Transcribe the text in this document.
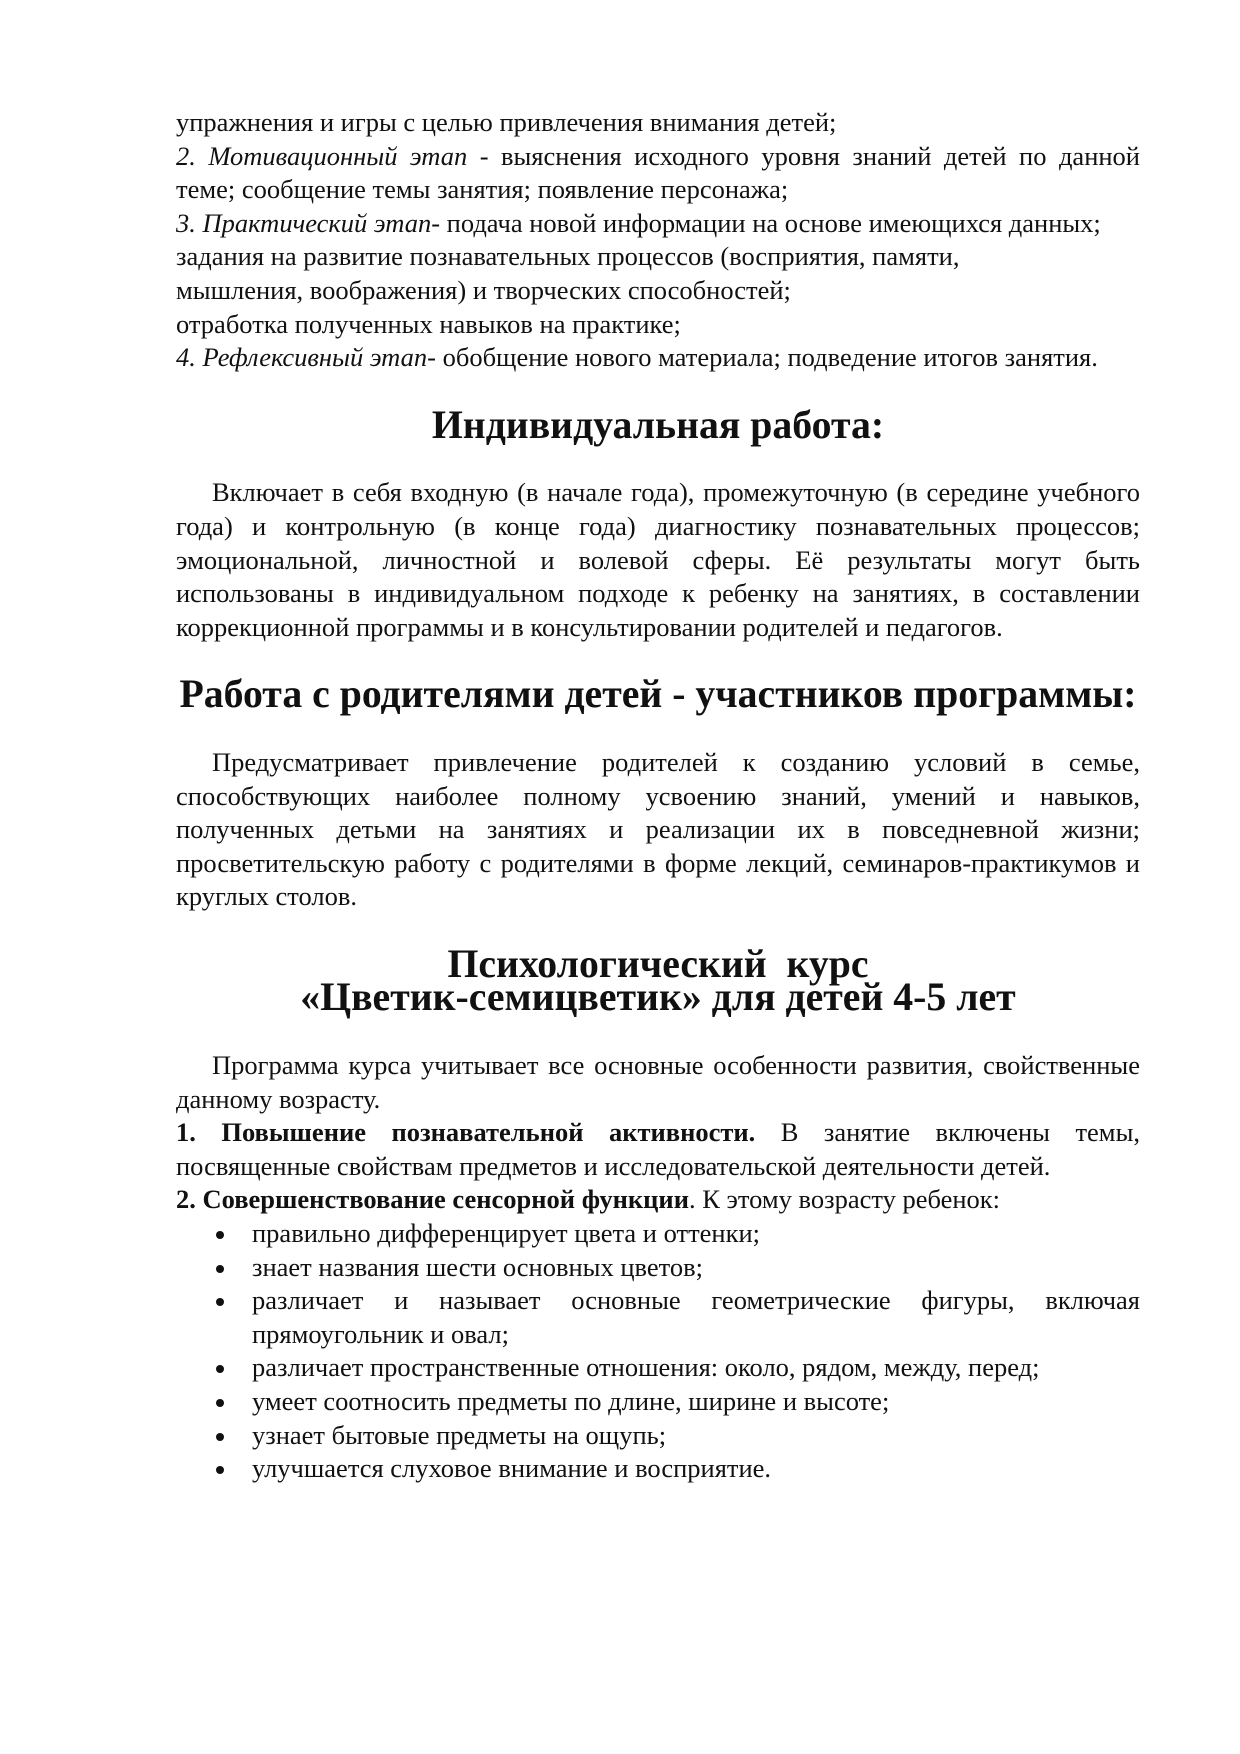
упражнения и игры с целью привлечения внимания детей;

2. Мотивационный этап - выяснения исходного уровня знаний детей по данной теме; сообщение темы занятия; появление персонажа;

3. Практический этап- подача новой информации на основе имеющихся данных;

задания на развитие познавательных процессов (восприятия, памяти,

мышления, воображения) и творческих способностей;

отработка полученных навыков на практике;

4. Рефлексивный этап- обобщение нового материала; подведение итогов занятия.

Индивидуальная работа:

Включает в себя входную (в начале года), промежуточную (в середине учебного года) и контрольную (в конце года) диагностику познавательных процессов; эмоциональной, личностной и волевой сферы. Её результаты могут быть использованы в индивидуальном подходе к ребенку на занятиях, в составлении коррекционной программы и в консультировании родителей и педагогов.

Работа с родителями детей - участников программы:

Предусматривает привлечение родителей к созданию условий в семье, способствующих наиболее полному усвоению знаний, умений и навыков, полученных детьми на занятиях и реализации их в повседневной жизни; просветительскую работу с родителями в форме лекций, семинаров-практикумов и круглых столов.

Психологический  курс
«Цветик-семицветик» для детей 4-5 лет

Программа курса учитывает все основные особенности развития, свойственные данному возрасту.

1. Повышение познавательной активности. В занятие включены темы, посвященные свойствам предметов и исследовательской деятельности детей.

2. Совершенствование сенсорной функции. К этому возрасту ребенок:

правильно дифференцирует цвета и оттенки;
знает названия шести основных цветов;
различает и называет основные геометрические фигуры, включая прямоугольник и овал;
различает пространственные отношения: около, рядом, между, перед;
умеет соотносить предметы по длине, ширине и высоте;
узнает бытовые предметы на ощупь;
улучшается слуховое внимание и восприятие.
